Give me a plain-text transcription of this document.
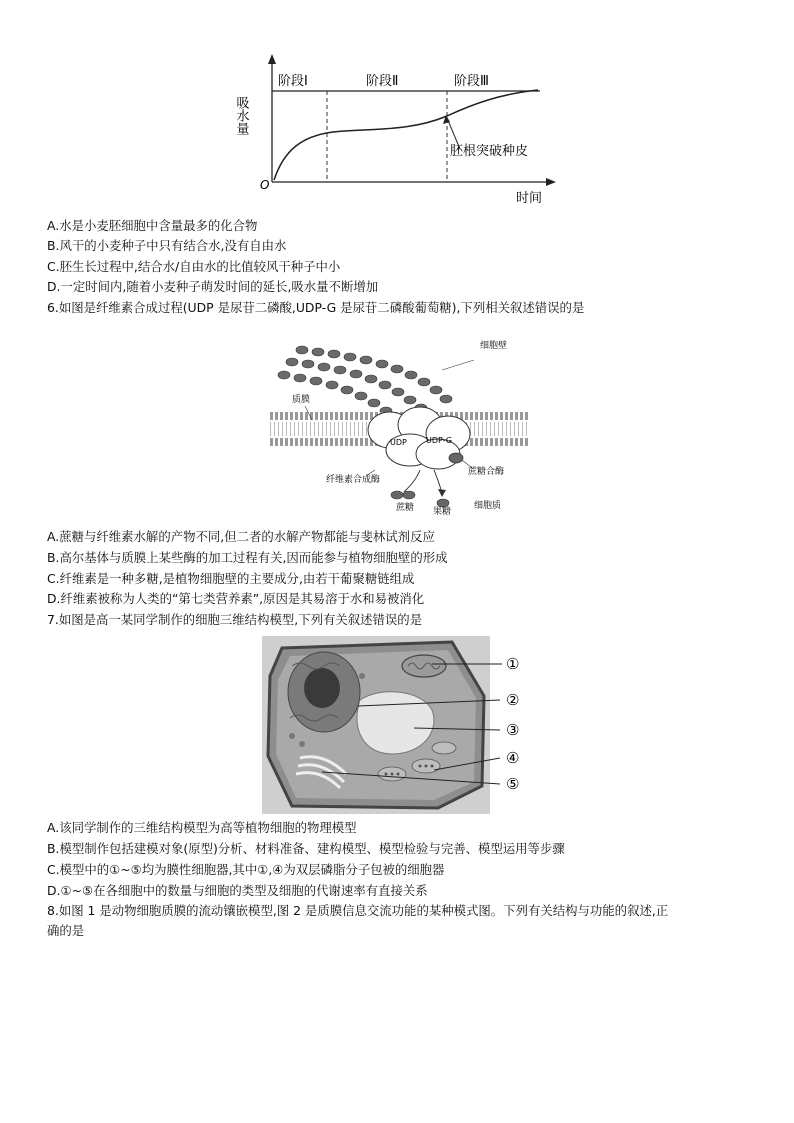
吸水量
阶段Ⅰ	阶段Ⅱ	阶段Ⅲ
胚根突破种皮
O
时间
A.水是小麦胚细胞中含量最多的化合物
B.风干的小麦种子中只有结合水,没有自由水
C.胚生长过程中,结合水/自由水的比值较风干种子中小
D.一定时间内,随着小麦种子萌发时间的延长,吸水量不断增加
6.如图是纤维素合成过程(UDP 是尿苷二磷酸,UDP-G 是尿苷二磷酸葡萄糖),下列相关叙述错误的是
细胞壁
质膜
UDP UDP-G
蔗糖合酶
纤维素合成酶
蔗糖 果糖
细胞质
A.蔗糖与纤维素水解的产物不同,但二者的水解产物都能与斐林试剂反应
B.高尔基体与质膜上某些酶的加工过程有关,因而能参与植物细胞壁的形成
C.纤维素是一种多糖,是植物细胞壁的主要成分,由若干葡聚糖链组成
D.纤维素被称为人类的“第七类营养素”,原因是其易溶于水和易被消化
7.如图是高一某同学制作的细胞三维结构模型,下列有关叙述错误的是
①
②
③
④
⑤
A.该同学制作的三维结构模型为高等植物细胞的物理模型
B.模型制作包括建模对象(原型)分析、材料准备、建构模型、模型检验与完善、模型运用等步骤
C.模型中的①~⑤均为膜性细胞器,其中①,④为双层磷脂分子包被的细胞器
D.①~⑤在各细胞中的数量与细胞的类型及细胞的代谢速率有直接关系
8.如图 1 是动物细胞质膜的流动镶嵌模型,图 2 是质膜信息交流功能的某种模式图。下列有关结构与功能的叙述,正
确的是
